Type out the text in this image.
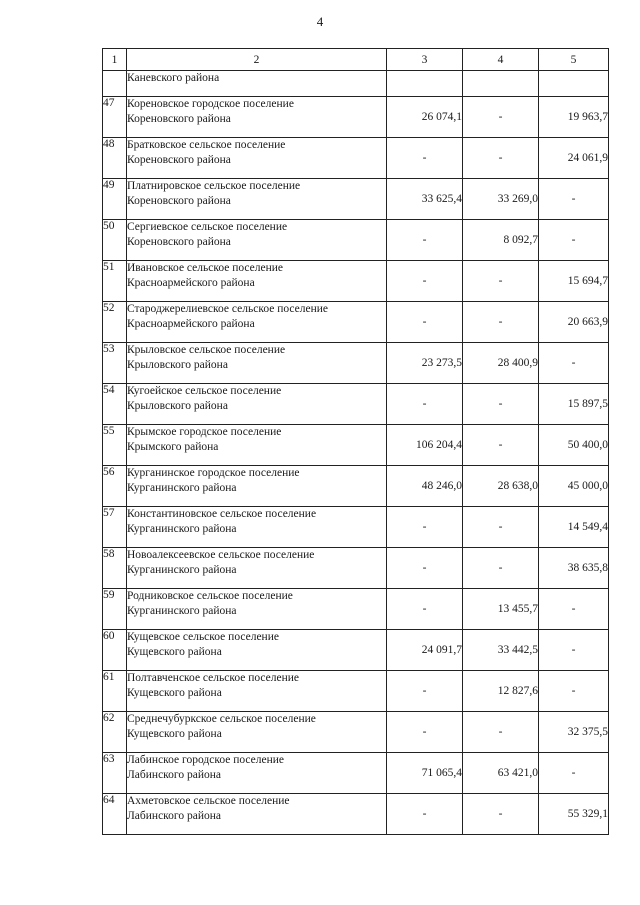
4
1	2	3	4	5
	Каневского района			
47	Кореновское городское поселение
Кореновского района	26 074,1	-	19 963,7
48	Братковское сельское поселение
Кореновского района	-	-	24 061,9
49	Платнировское сельское поселение
Кореновского района	33 625,4	33 269,0	-
50	Сергиевское сельское поселение
Кореновского района	-	8 092,7	-
51	Ивановское сельское поселение
Красноармейского района	-	-	15 694,7
52	Староджерелиевское сельское поселение
Красноармейского района	-	-	20 663,9
53	Крыловское сельское поселение
Крыловского района	23 273,5	28 400,9	-
54	Кугоейское сельское поселение
Крыловского района	-	-	15 897,5
55	Крымское городское поселение
Крымского района	106 204,4	-	50 400,0
56	Курганинское городское поселение
Курганинского района	48 246,0	28 638,0	45 000,0
57	Константиновское сельское поселение
Курганинского района	-	-	14 549,4
58	Новоалексеевское сельское поселение
Курганинского района	-	-	38 635,8
59	Родниковское сельское поселение
Курганинского района	-	13 455,7	-
60	Кущевское сельское поселение
Кущевского района	24 091,7	33 442,5	-
61	Полтавченское сельское поселение
Кущевского района	-	12 827,6	-
62	Среднечубуркское сельское поселение
Кущевского района	-	-	32 375,5
63	Лабинское городское поселение
Лабинского района	71 065,4	63 421,0	-
64	Ахметовское сельское поселение
Лабинского района	-	-	55 329,1
